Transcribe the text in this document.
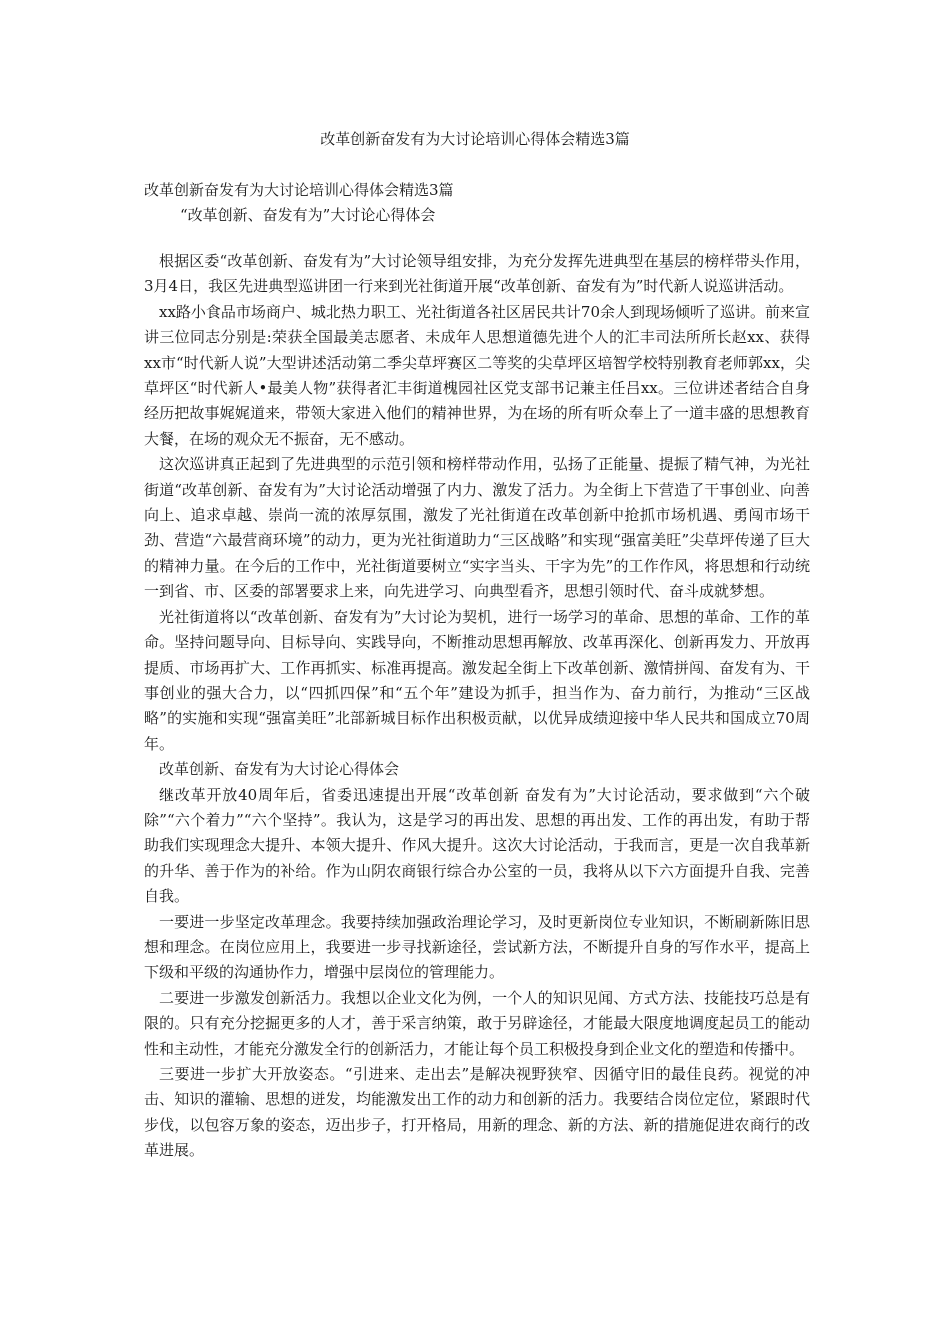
改革创新奋发有为大讨论培训心得体会精选3篇

改革创新奋发有为大讨论培训心得体会精选3篇

“改革创新、奋发有为”大讨论心得体会

根据区委“改革创新、奋发有为”大讨论领导组安排，为充分发挥先进典型在基层的榜样带头作用，3月4日，我区先进典型巡讲团一行来到光社街道开展“改革创新、奋发有为”时代新人说巡讲活动。

xx路小食品市场商户、城北热力职工、光社街道各社区居民共计70余人到现场倾听了巡讲。前来宣讲三位同志分别是:荣获全国最美志愿者、未成年人思想道德先进个人的汇丰司法所所长赵xx、获得xx市“时代新人说”大型讲述活动第二季尖草坪赛区二等奖的尖草坪区培智学校特别教育老师郭xx，尖草坪区“时代新人•最美人物”获得者汇丰街道槐园社区党支部书记兼主任吕xx。三位讲述者结合自身经历把故事娓娓道来，带领大家进入他们的精神世界，为在场的所有听众奉上了一道丰盛的思想教育大餐，在场的观众无不振奋，无不感动。

这次巡讲真正起到了先进典型的示范引领和榜样带动作用，弘扬了正能量、提振了精气神，为光社街道“改革创新、奋发有为”大讨论活动增强了内力、激发了活力。为全街上下营造了干事创业、向善向上、追求卓越、崇尚一流的浓厚氛围，激发了光社街道在改革创新中抢抓市场机遇、勇闯市场干劲、营造“六最营商环境”的动力，更为光社街道助力“三区战略”和实现“强富美旺”尖草坪传递了巨大的精神力量。在今后的工作中，光社街道要树立“实字当头、干字为先”的工作作风，将思想和行动统一到省、市、区委的部署要求上来，向先进学习、向典型看齐，思想引领时代、奋斗成就梦想。

光社街道将以“改革创新、奋发有为”大讨论为契机，进行一场学习的革命、思想的革命、工作的革命。坚持问题导向、目标导向、实践导向，不断推动思想再解放、改革再深化、创新再发力、开放再提质、市场再扩大、工作再抓实、标准再提高。激发起全街上下改革创新、激情拼闯、奋发有为、干事创业的强大合力，以“四抓四保”和“五个年”建设为抓手，担当作为、奋力前行，为推动“三区战略”的实施和实现“强富美旺”北部新城目标作出积极贡献，以优异成绩迎接中华人民共和国成立70周年。

改革创新、奋发有为大讨论心得体会

继改革开放40周年后，省委迅速提出开展“改革创新 奋发有为”大讨论活动，要求做到“六个破除”“六个着力”“六个坚持”。我认为，这是学习的再出发、思想的再出发、工作的再出发，有助于帮助我们实现理念大提升、本领大提升、作风大提升。这次大讨论活动，于我而言，更是一次自我革新的升华、善于作为的补给。作为山阴农商银行综合办公室的一员，我将从以下六方面提升自我、完善自我。

一要进一步坚定改革理念。我要持续加强政治理论学习，及时更新岗位专业知识，不断刷新陈旧思想和理念。在岗位应用上，我要进一步寻找新途径，尝试新方法，不断提升自身的写作水平，提高上下级和平级的沟通协作力，增强中层岗位的管理能力。

二要进一步激发创新活力。我想以企业文化为例，一个人的知识见闻、方式方法、技能技巧总是有限的。只有充分挖掘更多的人才，善于采言纳策，敢于另辟途径，才能最大限度地调度起员工的能动性和主动性，才能充分激发全行的创新活力，才能让每个员工积极投身到企业文化的塑造和传播中。

三要进一步扩大开放姿态。“引进来、走出去”是解决视野狭窄、因循守旧的最佳良药。视觉的冲击、知识的灌输、思想的迸发，均能激发出工作的动力和创新的活力。我要结合岗位定位，紧跟时代步伐，以包容万象的姿态，迈出步子，打开格局，用新的理念、新的方法、新的措施促进农商行的改革进展。
